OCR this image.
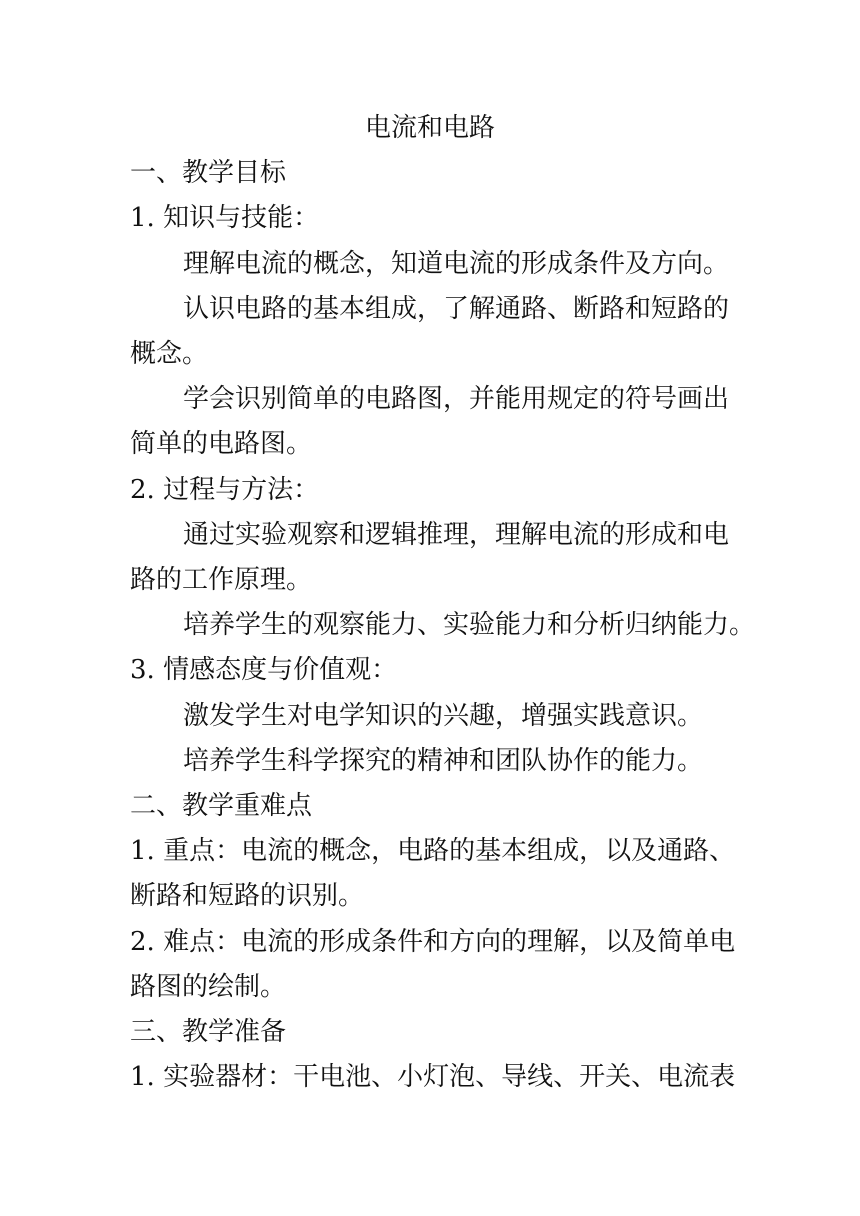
电流和电路
一、教学目标
1. 知识与技能：
理解电流的概念，知道电流的形成条件及方向。
认识电路的基本组成，了解通路、断路和短路的
概念。
学会识别简单的电路图，并能用规定的符号画出
简单的电路图。
2. 过程与方法：
通过实验观察和逻辑推理，理解电流的形成和电
路的工作原理。
培养学生的观察能力、实验能力和分析归纳能力。
3. 情感态度与价值观：
激发学生对电学知识的兴趣，增强实践意识。
培养学生科学探究的精神和团队协作的能力。
二、教学重难点
1. 重点：电流的概念，电路的基本组成，以及通路、
断路和短路的识别。
2. 难点：电流的形成条件和方向的理解，以及简单电
路图的绘制。
三、教学准备
1. 实验器材：干电池、小灯泡、导线、开关、电流表
